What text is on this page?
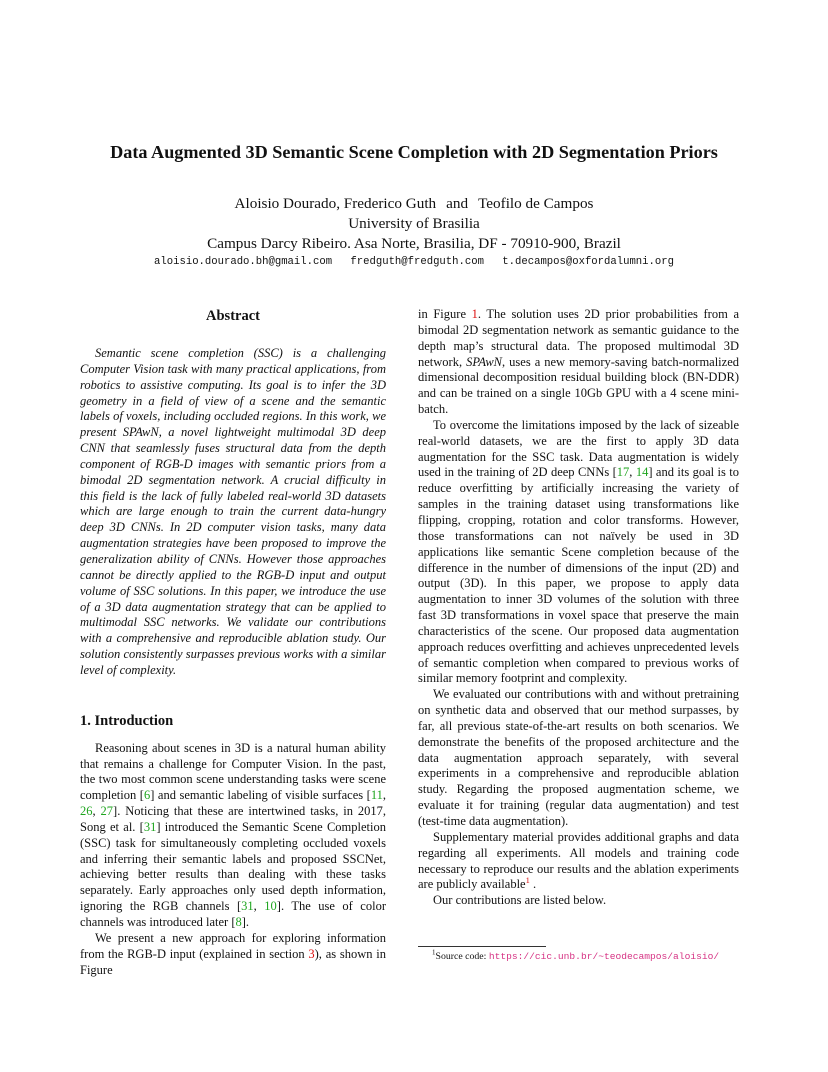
Data Augmented 3D Semantic Scene Completion with 2D Segmentation Priors
Aloisio Dourado, Frederico Guth and Teofilo de Campos
University of Brasilia
Campus Darcy Ribeiro. Asa Norte, Brasilia, DF - 70910-900, Brazil
aloisio.dourado.bh@gmail.com fredguth@fredguth.com t.decampos@oxfordalumni.org
Abstract

Semantic scene completion (SSC) is a challenging Computer Vision task with many practical applications, from robotics to assistive computing. Its goal is to infer the 3D geometry in a field of view of a scene and the semantic labels of voxels, including occluded regions. In this work, we present SPAwN, a novel lightweight multimodal 3D deep CNN that seamlessly fuses structural data from the depth component of RGB-D images with semantic priors from a bimodal 2D segmentation network. A crucial difficulty in this field is the lack of fully labeled real-world 3D datasets which are large enough to train the current data-hungry deep 3D CNNs. In 2D computer vision tasks, many data augmentation strategies have been proposed to improve the generalization ability of CNNs. However those approaches cannot be directly applied to the RGB-D input and output volume of SSC solutions. In this paper, we introduce the use of a 3D data augmentation strategy that can be applied to multimodal SSC networks. We validate our contributions with a comprehensive and reproducible ablation study. Our solution consistently surpasses previous works with a similar level of complexity.

1. Introduction

Reasoning about scenes in 3D is a natural human ability that remains a challenge for Computer Vision. In the past, the two most common scene understanding tasks were scene completion [6] and semantic labeling of visible surfaces [11, 26, 27]. Noticing that these are intertwined tasks, in 2017, Song et al. [31] introduced the Semantic Scene Completion (SSC) task for simultaneously completing occluded voxels and inferring their semantic labels and proposed SSCNet, achieving better results than dealing with these tasks separately. Early approaches only used depth information, ignoring the RGB channels [31, 10]. The use of color channels was introduced later [8].

We present a new approach for exploring information from the RGB-D input (explained in section 3), as shown in Figure

in Figure 1. The solution uses 2D prior probabilities from a bimodal 2D segmentation network as semantic guidance to the depth map’s structural data. The proposed multimodal 3D network, SPAwN, uses a new memory-saving batch-normalized dimensional decomposition residual building block (BN-DDR) and can be trained on a single 10Gb GPU with a 4 scene mini-batch.

To overcome the limitations imposed by the lack of sizeable real-world datasets, we are the first to apply 3D data augmentation for the SSC task. Data augmentation is widely used in the training of 2D deep CNNs [17, 14] and its goal is to reduce overfitting by artificially increasing the variety of samples in the training dataset using transformations like flipping, cropping, rotation and color transforms. However, those transformations can not naïvely be used in 3D applications like semantic Scene completion because of the difference in the number of dimensions of the input (2D) and output (3D). In this paper, we propose to apply data augmentation to inner 3D volumes of the solution with three fast 3D transformations in voxel space that preserve the main characteristics of the scene. Our proposed data augmentation approach reduces overfitting and achieves unprecedented levels of semantic completion when compared to previous works of similar memory footprint and complexity.

We evaluated our contributions with and without pretraining on synthetic data and observed that our method surpasses, by far, all previous state-of-the-art results on both scenarios. We demonstrate the benefits of the proposed architecture and the data augmentation approach separately, with several experiments in a comprehensive and reproducible ablation study. Regarding the proposed augmentation scheme, we evaluate it for training (regular data augmentation) and test (test-time data augmentation).

Supplementary material provides additional graphs and data regarding all experiments. All models and training code necessary to reproduce our results and the ablation experiments are publicly available$^1$ .

Our contributions are listed below.

$^1$Source code: https://cic.unb.br/~teodecampos/aloisio/
